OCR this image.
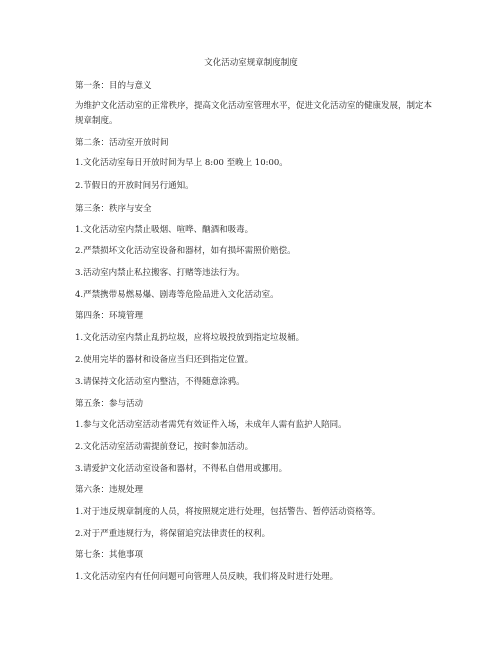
文化活动室规章制度制度
第一条：目的与意义
为维护文化活动室的正常秩序，提高文化活动室管理水平，促进文化活动室的健康发展，制定本规章制度。
第二条：活动室开放时间
1.文化活动室每日开放时间为早上 8:00 至晚上 10:00。
2.节假日的开放时间另行通知。
第三条：秩序与安全
1.文化活动室内禁止吸烟、喧哗、酗酒和吸毒。
2.严禁损坏文化活动室设备和器材，如有损坏需照价赔偿。
3.活动室内禁止私拉搬客、打赌等违法行为。
4.严禁携带易燃易爆、剧毒等危险品进入文化活动室。
第四条：环境管理
1.文化活动室内禁止乱扔垃圾，应将垃圾投放到指定垃圾桶。
2.使用完毕的器材和设备应当归还到指定位置。
3.请保持文化活动室内整洁，不得随意涂鸦。
第五条：参与活动
1.参与文化活动室活动者需凭有效证件入场，未成年人需有监护人陪同。
2.文化活动室活动需提前登记，按时参加活动。
3.请爱护文化活动室设备和器材，不得私自借用或挪用。
第六条：违规处理
1.对于违反规章制度的人员，将按照规定进行处理，包括警告、暂停活动资格等。
2.对于严重违规行为，将保留追究法律责任的权利。
第七条：其他事项
1.文化活动室内有任何问题可向管理人员反映，我们将及时进行处理。
